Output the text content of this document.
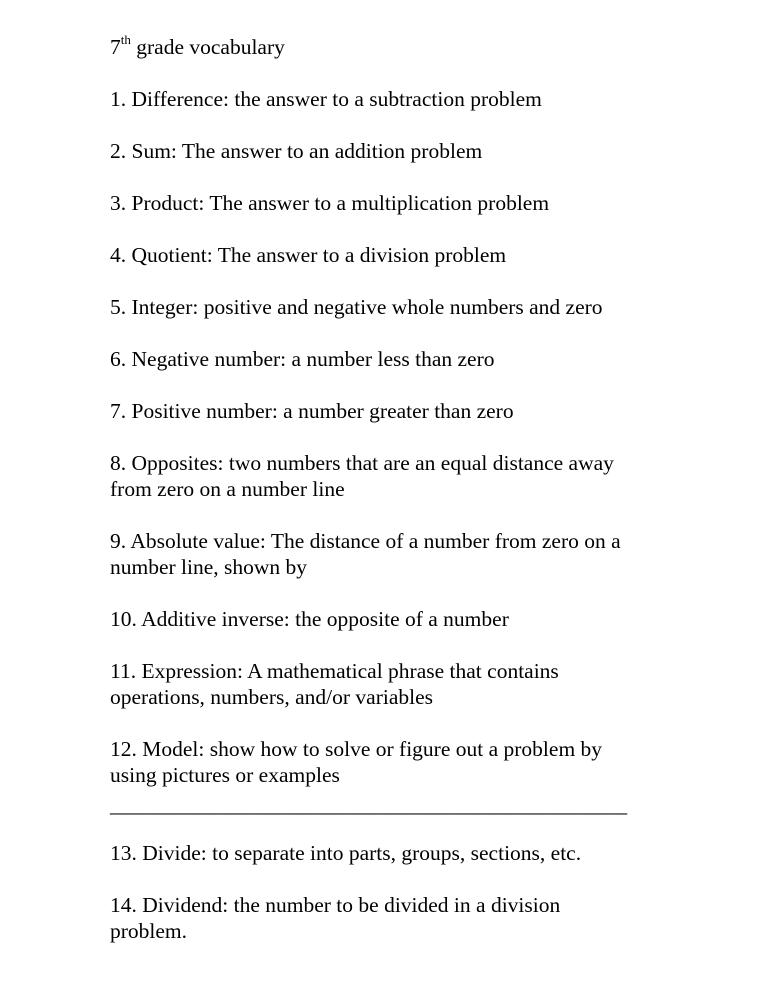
7th grade vocabulary

1. Difference: the answer to a subtraction problem

2. Sum: The answer to an addition problem

3. Product: The answer to a multiplication problem

4. Quotient: The answer to a division problem

5. Integer: positive and negative whole numbers and zero

6. Negative number: a number less than zero

7. Positive number: a number greater than zero

8. Opposites: two numbers that are an equal distance away
from zero on a number line

9. Absolute value: The distance of a number from zero on a
number line, shown by

10. Additive inverse: the opposite of a number

11. Expression: A mathematical phrase that contains
operations, numbers, and/or variables

12. Model: show how to solve or figure out a problem by
using pictures or examples

_________________________________________________

13. Divide: to separate into parts, groups, sections, etc.

14. Dividend: the number to be divided in a division
problem.
